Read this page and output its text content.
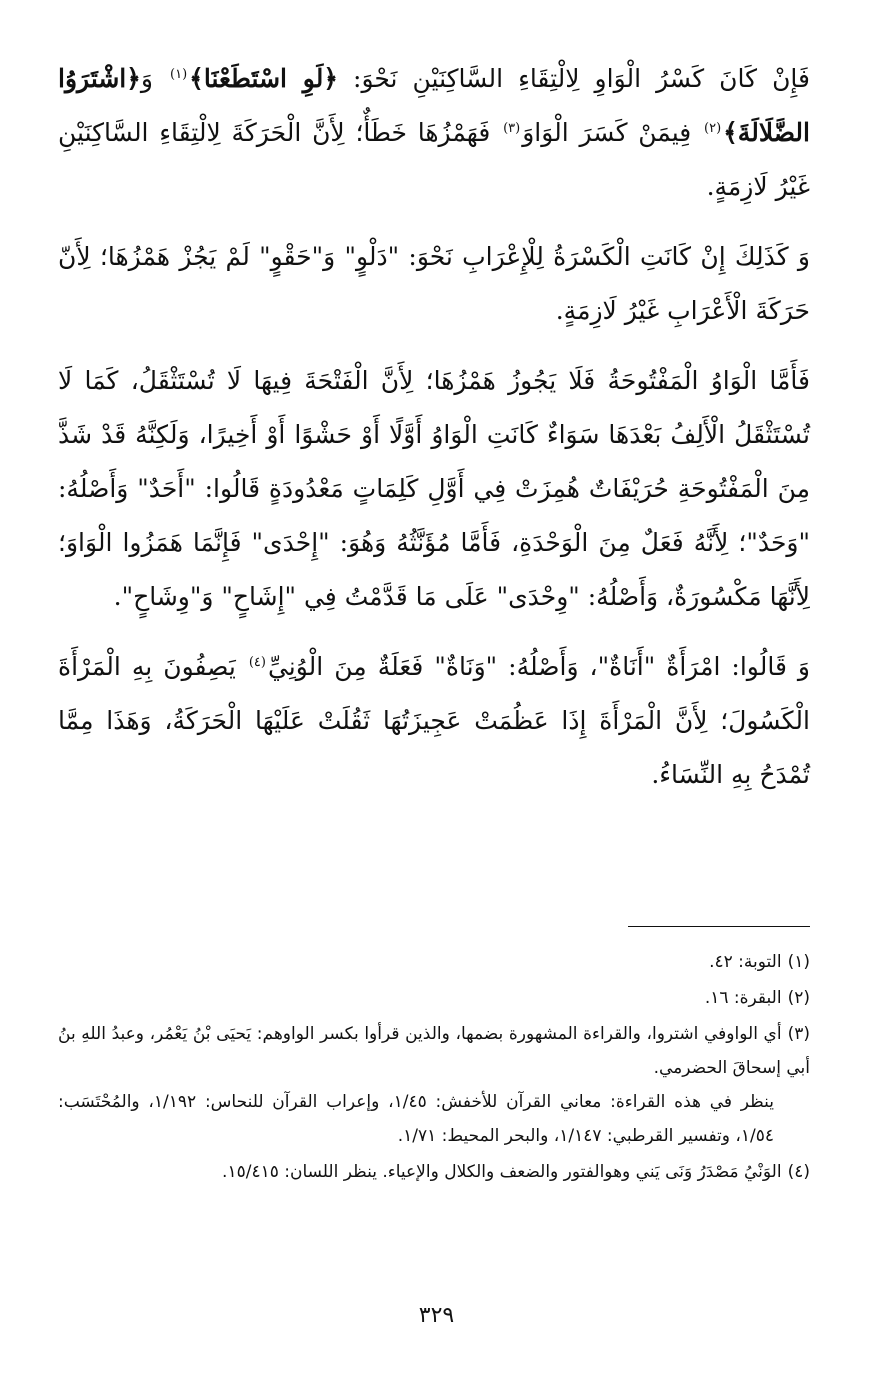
فَإِنْ كَانَ كَسْرُ الْوَاوِ لِالْتِقَاءِ السَّاكِنَيْنِ نَحْوَ: ﴿لَوِ اسْتَطَعْنَا﴾$^{(١)}$ وَ﴿اشْتَرَوُا الضَّلَالَةَ﴾$^{(٢)}$ فِيمَنْ كَسَرَ الْوَاوَ$^{(٣)}$ فَهَمْزُهَا خَطَأٌ؛ لِأَنَّ الْحَرَكَةَ لِالْتِقَاءِ السَّاكِنَيْنِ غَيْرُ لَازِمَةٍ.

وَ كَذَلِكَ إِنْ كَانَتِ الْكَسْرَةُ لِلْإِعْرَابِ نَحْوَ: "دَلْوٍ" وَ"حَقْوٍ" لَمْ يَجُزْ هَمْزُهَا؛ لِأَنّ حَرَكَةَ الْأَعْرَابِ غَيْرُ لَازِمَةٍ.

فَأَمَّا الْوَاوُ الْمَفْتُوحَةُ فَلَا يَجُوزُ هَمْزُهَا؛ لِأَنَّ الْفَتْحَةَ فِيهَا لَا تُسْتَثْقَلُ، كَمَا لَا تُسْتَثْقَلُ الْأَلِفُ بَعْدَهَا سَوَاءٌ كَانَتِ الْوَاوُ أَوَّلًا أَوْ حَشْوًا أَوْ أَخِيرًا، وَلَكِنَّهُ قَدْ شَذَّ مِنَ الْمَفْتُوحَةِ حُرَيْفَاتٌ هُمِزَتْ فِي أَوَّلِ كَلِمَاتٍ مَعْدُودَةٍ قَالُوا: "أَحَدٌ" وَأَصْلُهُ: "وَحَدٌ"؛ لِأَنَّهُ فَعَلٌ مِنَ الْوَحْدَةِ، فَأَمَّا مُؤَنَّثُهُ وَهُوَ: "إِحْدَى" فَإِنَّمَا هَمَزُوا الْوَاوَ؛ لِأَنَّهَا مَكْسُورَةٌ، وَأَصْلُهُ: "وِحْدَى" عَلَى مَا قَدَّمْتُ فِي "إِشَاحٍ" وَ"وِشَاحٍ".

وَ قَالُوا: امْرَأَةٌ "أَنَاةٌ"، وَأَصْلُهُ: "وَنَاةٌ" فَعَلَةٌ مِنَ الْوُنِيِّ$^{(٤)}$ يَصِفُونَ بِهِ الْمَرْأَةَ الْكَسُولَ؛ لِأَنَّ الْمَرْأَةَ إِذَا عَظُمَتْ عَجِيزَتُهَا ثَقُلَتْ عَلَيْهَا الْحَرَكَةُ، وَهَذَا مِمَّا تُمْدَحُ بِهِ النِّسَاءُ.

(١)التوبة: ٤٢.

(٢)البقرة: ١٦.

(٣)أي الواوفي اشتروا، والقراءة المشهورة بضمها، والذين قرأوا بكسر الواوهم: يَحيَى بْنُ يَعْمُر، وعبدُ اللهِ بنُ أبي إسحاقَ الحضرمي.
ينظر في هذه القراءة: معاني القرآن للأخفش: ١/٤٥، وإعراب القرآن للنحاس: ١/١٩٢، والمُحْتَسَب: ١/٥٤، وتفسير القرطبي: ١/١٤٧، والبحر المحيط: ١/٧١.

(٤)الوَنْيُ مَصْدَرُ وَنَى يَني وهوالفتور والضعف والكلال والإعياء. ينظر اللسان: ١٥/٤١٥.

٣٢٩
